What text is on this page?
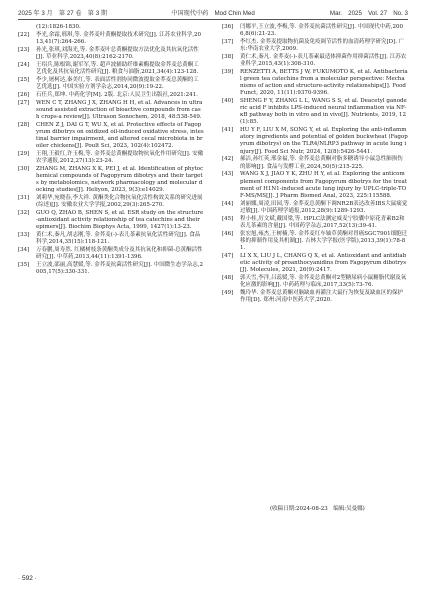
2025 年 3 月　第 27 卷　第 3 期	中国现代中药　Mod Chin Med	Mar.　2025　Vol. 27　No. 3
(12):1826-1830.
[22] 李光,余霜,邢琪,等. 金荞麦叶黄酮提取技术研究[J]. 江苏农业科学,2013,41(7):264-266.
[23] 孙光,张琪,刘海光,等. 金荞麦叶总黄酮提取方法优化及其抗氧化活性[J]. 草业科学,2023,40(8):2162-2170.
[24] 王绍兵,陈根锦,谢军军,等. 超声波辅助纤维素酶提取金荞麦总黄酮工艺优化及其抗氧化活性研究[J]. 粮食与油脂,2021,34(4):123-128.
[25] 李少,屠柯达,秦美红,等. 表面活性剂协同微波提取金荞麦总黄酮的工艺优选[J]. 中国实验方剂学杂志,2014,20(9):19-22.
[26] 石任兵,郑坤. 中药化学[M]. 2版. 北京:人民卫生出版社,2021:241.
[27] WEN C T, ZHANG J X, ZHANG H H, et al. Advances in ultrasound assisted extraction of bioactive compounds from cash crops-a review[J]. Ultrason Sonochem, 2018, 48:538-549.
[28] CHEN Z J, DAI G T, WU X, et al. Protective effects of Fagopyrum dibotrys on oxidized oil-induced oxidative stress, intestinal barrier impairment, and altered cecal microbiota in broiler chickens[J]. Poult Sci, 2023, 102(4):102472.
[29] 王翔,王毅红,许玉梅,等. 金荞麦总黄酮提取物抗氧化作用研究[J]. 安徽农学通报,2012,27(13):23-24.
[30] ZHANG M, ZHANG X K, PEI J, et al. Identification of phytochemical compounds of Fagopyrum dibotrys and their targets by metabolomics, network pharmacology and molecular docking studies[J]. Heliyon, 2023, 9(3):e14029.
[31] 刘莉华,宛晓春,李大祥. 黄酮类化合物抗氧化活性构效关系的研究进展(综述)[J]. 安徽农业大学学报,2002,29(3):265-270.
[32] GUO Q, ZHAO B, SHEN S, et al. ESR study on the structure-antioxidant activity relationship of tea catechins and their epimers[J]. Biochim Biophys Acta, 1999, 1427(1):13-23.
[33] 黄仁术,秦凡,胡志刚,等. 金荞麦(-)-表儿茶素抗氧化活性研究[J]. 食品科学,2014,35(15):118-121.
[34] 万春鹏,周寿然. 红橘树枝条黄酮类成分及其抗氧化和抑菌-总黄酮活性研究[J]. 中草药,2013,44(11):1391-1396.
[35] 王立波,邵丽,高慧媛,等. 金荞麦抗菌活性研究[J]. 中国微生态学杂志,2005,17(5):330-331.
[36] 闫娜平,王立波,李梅,等. 金荞麦抗菌活性研究[J]. 中国现代中药,2006,8(6):21-23.
[37] 李红杰. 金荞麦提取物抗菌及免疫调节活性的血清药理学研究[D]. 广东:华南农业大学,2009.
[38] 黄仁术,秦凡. 金荞麦(-)-表儿茶素最适体抑菌作用抑菌活性[J]. 江苏农业科学,2015,43(1):308-310.
[39] RENZETTI A, BETTS J W, FUKUMOTO K, et al. Antibacterial green tea catechins from a molecular perspective: Mechanisms of action and structure-activity relationships[J]. Food Funct, 2020, 11(11):9370-9396.
[40] SHENG F Y, ZHANG L L, WANG S S, et al. Deacetyl ganoderic acid F inhibits LPS-induced neural inflammation via NF-κB pathway both in vitro and in vivo[J]. Nutrients, 2019, 12(1):85.
[41] HU Y F, LIU X M, SONG Y, et al. Exploring the anti-inflammatory ingredients and potential of golden buckwheat (Fagopyrum dibotrys) on the TLR4/NLRP3 pathway in acute lung injury[J]. Food Sci Nutr, 2024, 12(8):5426-5441.
[42] 郝洁,孙红英,邢金福,等. 金荞麦总黄酮对脂多糖诱导小鼠急性肺损伤的影响[J]. 食品与发酵工业,2024,50(5):215-225.
[43] WANG X J, JIAO Y K, ZHU H Y, et al. Exploring the anticomplement components from Fagopyrum dibotrys for the treatment of H1N1-induced acute lung injury by UPLC-triple-TOF-MS/MS[J]. J Pharm Biomed Anal, 2023, 225:115588.
[44] 刘丽娜,周凌,田园,等. 金荞麦总黄酮下调NR2B表达改善IBS大鼠痛觉过敏[J]. 中国药理学通报,2012,28(9):1289-1293.
[45] 程小桂,厉文斌,戴国梁,等. HPLC法测定威麦宁胶囊中原花青素B2和表儿茶素的含量[J]. 中国药学杂志,2017,52(13):39-41.
[46] 张宏旭,雍杰,王树楠,等. 金荞麦红车轴草黄酮对胃癌SGC7901细胞迁移的抑制作用及其机制[J]. 吉林大学学报(医学版),2013,39(1):78-81.
[47] LI X X, LIU J L, CHANG Q X, et al. Antioxidant and antidiabetic activity of proanthocyanidins from Fagopyrum dibotrys[J]. Molecules, 2021, 26(9):2417.
[48] 郭天雪,李洋,吕蕊媛,等. 金荞麦总黄酮对2型糖尿病小鼠糖脂代谢及氧化应激的影响[J]. 中药药理与临床,2017,33(5):73-76.
[49] 魏玲华. 金荞麦总黄酮对脑缺血再灌注大鼠行为恢复及缺血区的保护作用[D]. 郑州:河南中医药大学,2020.
(收稿日期:2024-08-23　编辑:吴曼娜)
· 592 ·
